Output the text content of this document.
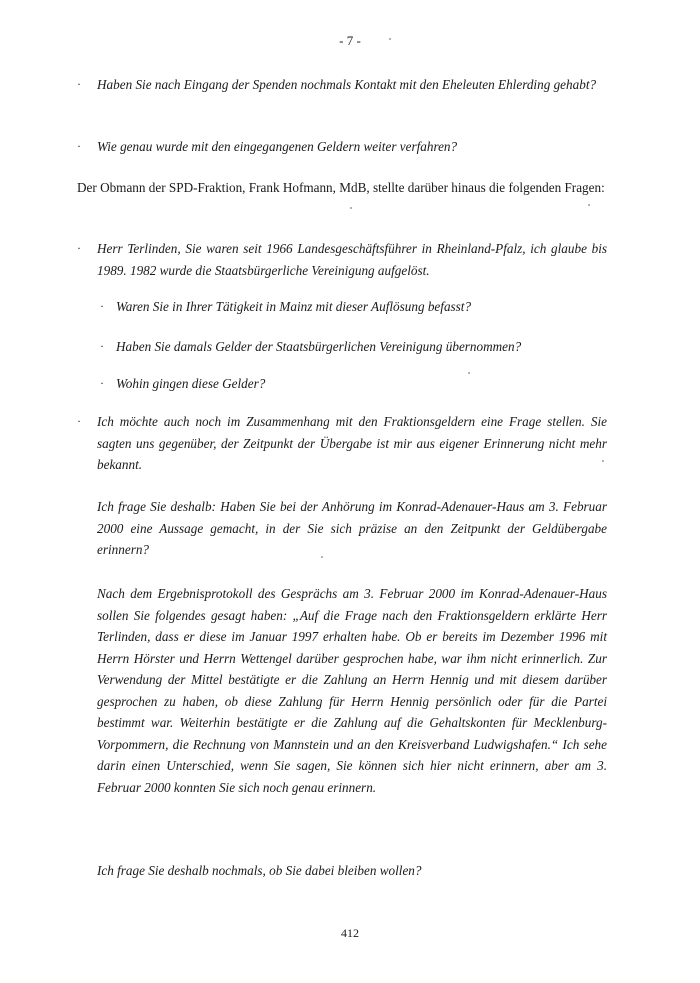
- 7 -
. Haben Sie nach Eingang der Spenden nochmals Kontakt mit den Eheleuten Ehlerding gehabt?
. Wie genau wurde mit den eingegangenen Geldern weiter verfahren?
Der Obmann der SPD-Fraktion, Frank Hofmann, MdB, stellte darüber hinaus die folgenden Fragen:
. Herr Terlinden, Sie waren seit 1966 Landesgeschäftsführer in Rheinland-Pfalz, ich glaube bis 1989. 1982 wurde die Staatsbürgerliche Vereinigung aufgelöst.
. Waren Sie in Ihrer Tätigkeit in Mainz mit dieser Auflösung befasst?
. Haben Sie damals Gelder der Staatsbürgerlichen Vereinigung übernommen?
. Wohin gingen diese Gelder?
. Ich möchte auch noch im Zusammenhang mit den Fraktionsgeldern eine Frage stellen. Sie sagten uns gegenüber, der Zeitpunkt der Übergabe ist mir aus eigener Erinnerung nicht mehr bekannt.
Ich frage Sie deshalb: Haben Sie bei der Anhörung im Konrad-Adenauer-Haus am 3. Februar 2000 eine Aussage gemacht, in der Sie sich präzise an den Zeitpunkt der Geldübergabe erinnern?
Nach dem Ergebnisprotokoll des Gesprächs am 3. Februar 2000 im Konrad-Adenauer-Haus sollen Sie folgendes gesagt haben: „Auf die Frage nach den Fraktionsgeldern erklärte Herr Terlinden, dass er diese im Januar 1997 erhalten habe. Ob er bereits im Dezember 1996 mit Herrn Hörster und Herrn Wettengel darüber gesprochen habe, war ihm nicht erinnerlich. Zur Verwendung der Mittel bestätigte er die Zahlung an Herrn Hennig und mit diesem darüber gesprochen zu haben, ob diese Zahlung für Herrn Hennig persönlich oder für die Partei bestimmt war. Weiterhin bestätigte er die Zahlung auf die Gehaltskonten für Mecklenburg-Vorpommern, die Rechnung von Mannstein und an den Kreisverband Ludwigshafen.“ Ich sehe darin einen Unterschied, wenn Sie sagen, Sie können sich hier nicht erinnern, aber am 3. Februar 2000 konnten Sie sich noch genau erinnern.
Ich frage Sie deshalb nochmals, ob Sie dabei bleiben wollen?
412
